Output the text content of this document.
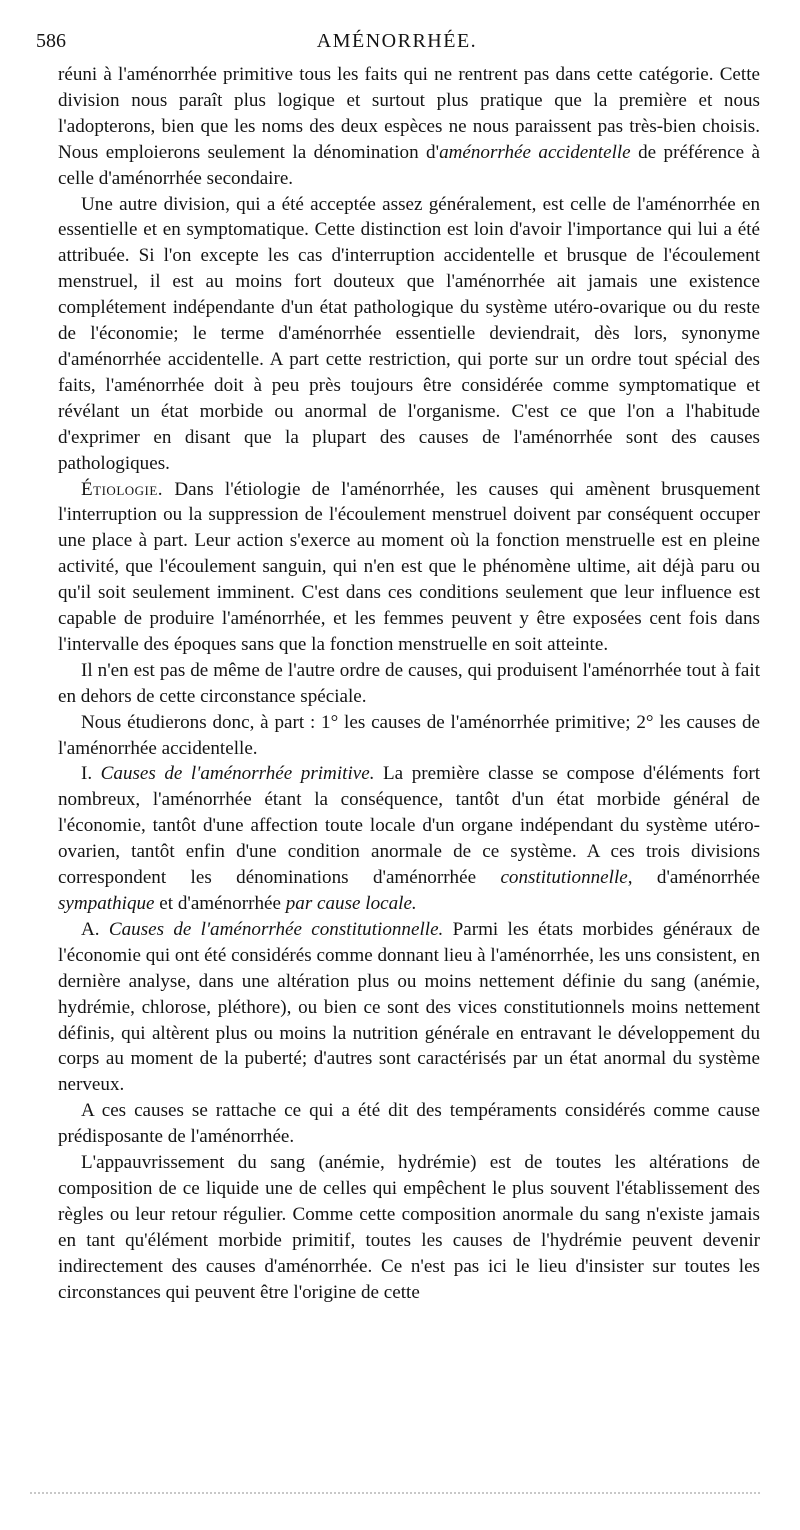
586	AMÉNORRHÉE.

réuni à l'aménorrhée primitive tous les faits qui ne rentrent pas dans cette catégorie. Cette division nous paraît plus logique et surtout plus pratique que la première et nous l'adopterons, bien que les noms des deux espèces ne nous paraissent pas très-bien choisis. Nous emploierons seulement la dénomination d'aménorrhée accidentelle de préférence à celle d'aménorrhée secondaire.

Une autre division, qui a été acceptée assez généralement, est celle de l'aménorrhée en essentielle et en symptomatique. Cette distinction est loin d'avoir l'importance qui lui a été attribuée. Si l'on excepte les cas d'interruption accidentelle et brusque de l'écoulement menstruel, il est au moins fort douteux que l'aménorrhée ait jamais une existence complétement indépendante d'un état pathologique du système utéro-ovarique ou du reste de l'économie; le terme d'aménorrhée essentielle deviendrait, dès lors, synonyme d'aménorrhée accidentelle. A part cette restriction, qui porte sur un ordre tout spécial des faits, l'aménorrhée doit à peu près toujours être considérée comme symptomatique et révélant un état morbide ou anormal de l'organisme. C'est ce que l'on a l'habitude d'exprimer en disant que la plupart des causes de l'aménorrhée sont des causes pathologiques.

Étiologie. Dans l'étiologie de l'aménorrhée, les causes qui amènent brusquement l'interruption ou la suppression de l'écoulement menstruel doivent par conséquent occuper une place à part. Leur action s'exerce au moment où la fonction menstruelle est en pleine activité, que l'écoulement sanguin, qui n'en est que le phénomène ultime, ait déjà paru ou qu'il soit seulement imminent. C'est dans ces conditions seulement que leur influence est capable de produire l'aménorrhée, et les femmes peuvent y être exposées cent fois dans l'intervalle des époques sans que la fonction menstruelle en soit atteinte.

Il n'en est pas de même de l'autre ordre de causes, qui produisent l'aménorrhée tout à fait en dehors de cette circonstance spéciale.

Nous étudierons donc, à part : 1° les causes de l'aménorrhée primitive; 2° les causes de l'aménorrhée accidentelle.

I. Causes de l'aménorrhée primitive. La première classe se compose d'éléments fort nombreux, l'aménorrhée étant la conséquence, tantôt d'un état morbide général de l'économie, tantôt d'une affection toute locale d'un organe indépendant du système utéro-ovarien, tantôt enfin d'une condition anormale de ce système. A ces trois divisions correspondent les dénominations d'aménorrhée constitutionnelle, d'aménorrhée sympathique et d'aménorrhée par cause locale.

A. Causes de l'aménorrhée constitutionnelle. Parmi les états morbides généraux de l'économie qui ont été considérés comme donnant lieu à l'aménorrhée, les uns consistent, en dernière analyse, dans une altération plus ou moins nettement définie du sang (anémie, hydrémie, chlorose, pléthore), ou bien ce sont des vices constitutionnels moins nettement définis, qui altèrent plus ou moins la nutrition générale en entravant le développement du corps au moment de la puberté; d'autres sont caractérisés par un état anormal du système nerveux.

A ces causes se rattache ce qui a été dit des tempéraments considérés comme cause prédisposante de l'aménorrhée.

L'appauvrissement du sang (anémie, hydrémie) est de toutes les altérations de composition de ce liquide une de celles qui empêchent le plus souvent l'établissement des règles ou leur retour régulier. Comme cette composition anormale du sang n'existe jamais en tant qu'élément morbide primitif, toutes les causes de l'hydrémie peuvent devenir indirectement des causes d'aménorrhée. Ce n'est pas ici le lieu d'insister sur toutes les circonstances qui peuvent être l'origine de cette
